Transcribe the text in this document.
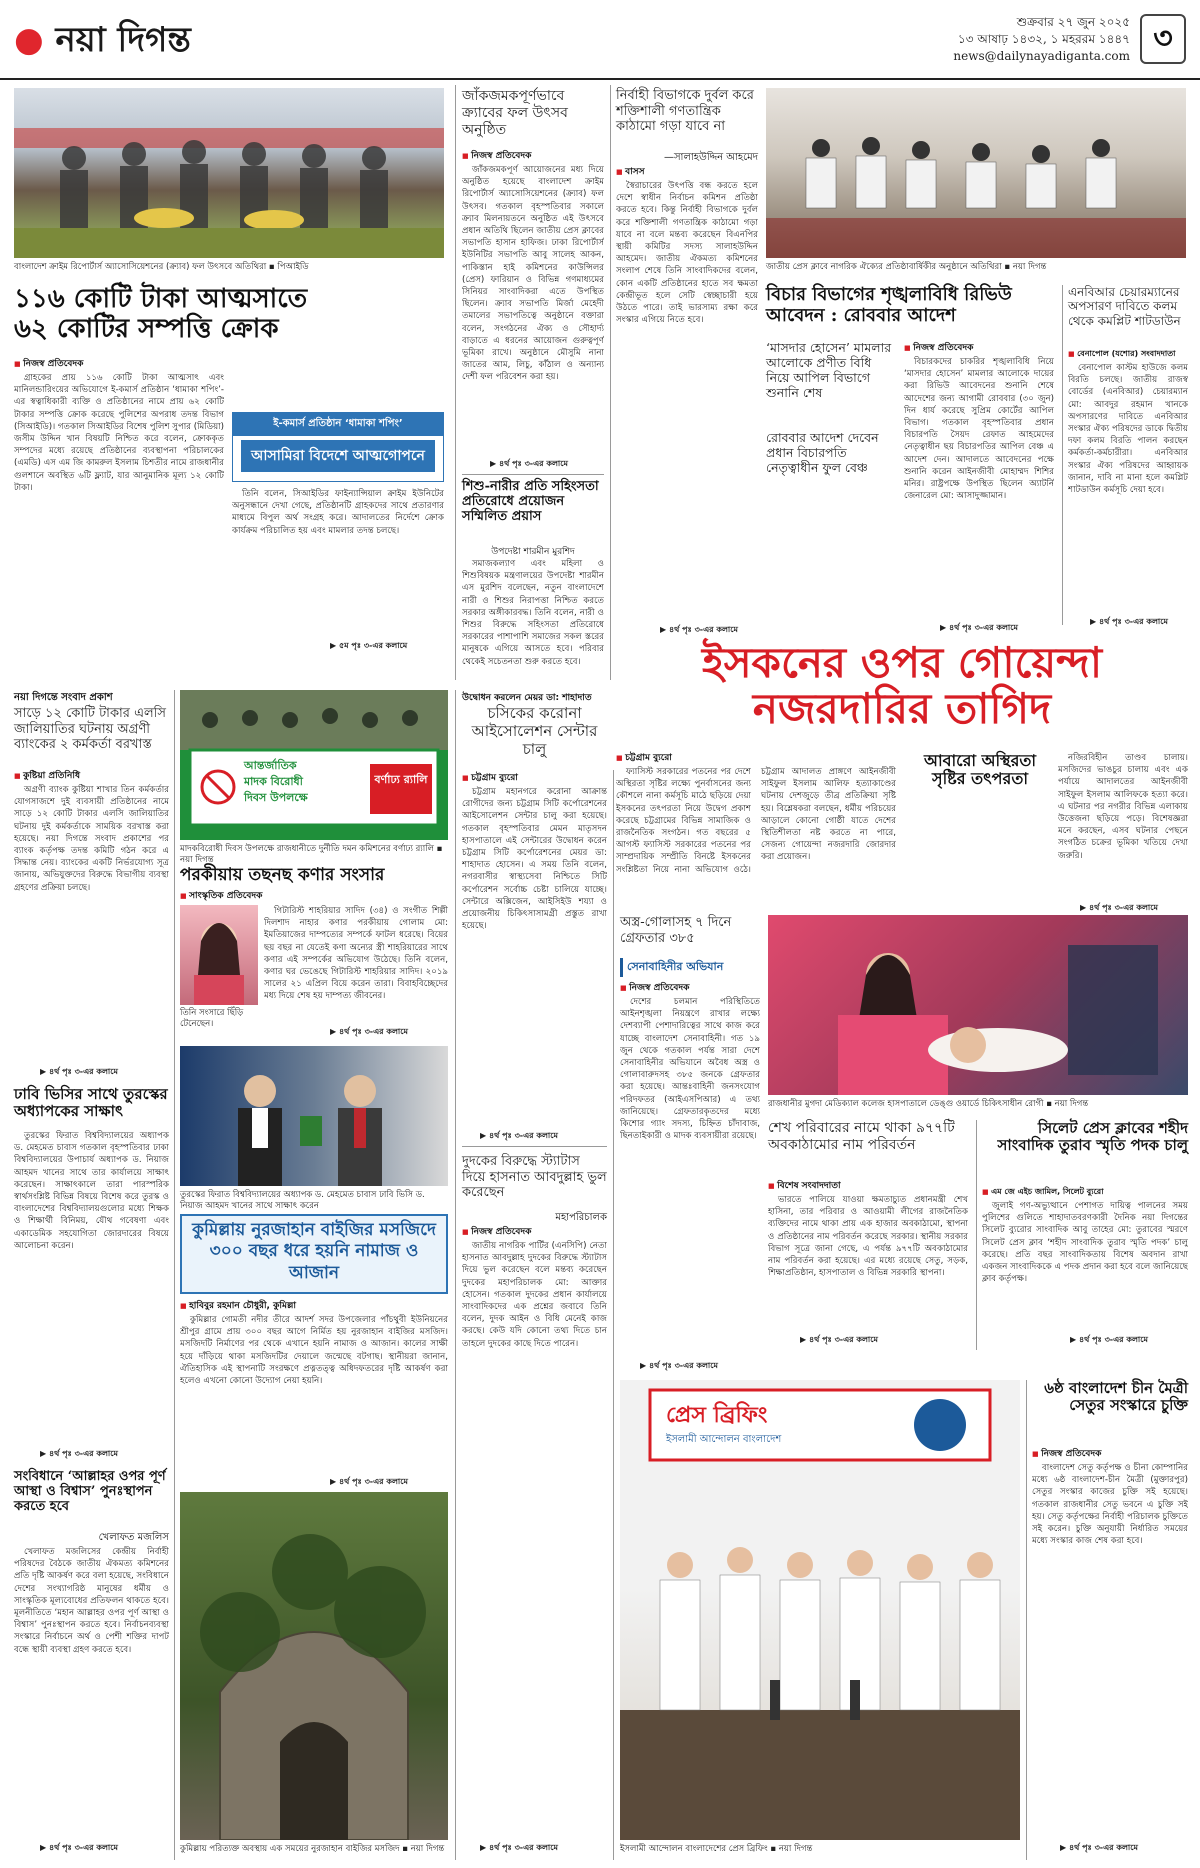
● নয়া দিগন্ত	শুক্রবার ২৭ জুন ২০২৫
১৩ আষাঢ় ১৪৩২, ১ মহররম ১৪৪৭
news@dailynayadiganta.com ৩
বাংলাদেশ ক্রাইম রিপোর্টার্স অ্যাসোসিয়েশনের (ক্র্যাব) ফল উৎসবে অতিথিরা ▪ পিআইডি
১১৬ কোটি টাকা আত্মসাতে
৬২ কোটির সম্পত্তি ক্রোক
■ নিজস্ব প্রতিবেদক

গ্রাহকের প্রায় ১১৬ কোটি টাকা আত্মসাৎ এবং মানিলন্ডারিংয়ের অভিযোগে ই-কমার্স প্রতিষ্ঠান ‘ধামাকা শপিং’-এর স্বত্বাধিকারী ব্যক্তি ও প্রতিষ্ঠানের নামে প্রায় ৬২ কোটি টাকার সম্পত্তি ক্রোক করেছে পুলিশের অপরাধ তদন্ত বিভাগ (সিআইডি)। গতকাল সিআইডির বিশেষ পুলিশ সুপার (মিডিয়া) জসীম উদ্দিন খান বিষয়টি নিশ্চিত করে বলেন, ক্রোককৃত সম্পদের মধ্যে রয়েছে প্রতিষ্ঠানের ব্যবস্থাপনা পরিচালকের (এমডি) এস এম জি কামরুল ইসলাম চিশতীর নামে রাজধানীর গুলশানে অবস্থিত ৬টি ফ্ল্যাট, যার আনুমানিক মূল্য ১২ কোটি টাকা।

ই-কমার্স প্রতিষ্ঠান ‘ধামাকা শপিং’
আসামিরা বিদেশে আত্মগোপনে

তিনি বলেন, সিআইডির ফাইন্যান্সিয়াল ক্রাইম ইউনিটের অনুসন্ধানে দেখা গেছে, প্রতিষ্ঠানটি গ্রাহকদের সাথে প্রতারণার মাধ্যমে বিপুল অর্থ সংগ্রহ করে। আদালতের নির্দেশে ক্রোক কার্যক্রম পরিচালিত হয় এবং মামলার তদন্ত চলছে।

▶ ৫ম পৃঃ ৩-এর কলামে
জাঁকজমকপূর্ণভাবে ক্র্যাবের ফল উৎসব অনুষ্ঠিত
■ নিজস্ব প্রতিবেদক

জাঁকজমকপূর্ণ আয়োজনের মধ্য দিয়ে অনুষ্ঠিত হয়েছে বাংলাদেশ ক্রাইম রিপোর্টার্স অ্যাসোসিয়েশনের (ক্র্যাব) ফল উৎসব। গতকাল বৃহস্পতিবার সকালে ক্র্যাব মিলনায়তনে অনুষ্ঠিত এই উৎসবে প্রধান অতিথি ছিলেন জাতীয় প্রেস ক্লাবের সভাপতি হাসান হাফিজ। ঢাকা রিপোর্টার্স ইউনিটির সভাপতি আবু সালেহ আকন, পাকিস্তান হাই কমিশনের কাউন্সিলর (প্রেস) ফারিয়ান ও বিভিন্ন গণমাধ্যমের সিনিয়র সাংবাদিকরা এতে উপস্থিত ছিলেন। ক্র্যাব সভাপতি মির্জা মেহেদী তমালের সভাপতিত্বে অনুষ্ঠানে বক্তারা বলেন, সংগঠনের ঐক্য ও সৌহার্দ্য বাড়াতে এ ধরনের আয়োজন গুরুত্বপূর্ণ ভূমিকা রাখে। অনুষ্ঠানে মৌসুমি নানা জাতের আম, লিচু, কাঁঠাল ও অন্যান্য দেশী ফল পরিবেশন করা হয়।

▶ ৪র্থ পৃঃ ৩-এর কলামে
শিশু-নারীর প্রতি সহিংসতা প্রতিরোধে প্রয়োজন সম্মিলিত প্রয়াস
উপদেষ্টা শারমীন মুরশিদ

সমাজকল্যাণ এবং মহিলা ও শিশুবিষয়ক মন্ত্রণালয়ের উপদেষ্টা শারমীন এস মুরশিদ বলেছেন, নতুন বাংলাদেশে নারী ও শিশুর নিরাপত্তা নিশ্চিত করতে সরকার অঙ্গীকারবদ্ধ। তিনি বলেন, নারী ও শিশুর বিরুদ্ধে সহিংসতা প্রতিরোধে সরকারের পাশাপাশি সমাজের সকল স্তরের মানুষকে এগিয়ে আসতে হবে। পরিবার থেকেই সচেতনতা শুরু করতে হবে।

নির্বাহী বিভাগকে দুর্বল করে শক্তিশালী গণতান্ত্রিক কাঠামো গড়া যাবে না
—সালাহউদ্দিন আহমেদ
■ বাসস

স্বৈরাচারের উৎপত্তি বন্ধ করতে হলে দেশে স্বাধীন নির্বাচন কমিশন প্রতিষ্ঠা করতে হবে। কিন্তু নির্বাহী বিভাগকে দুর্বল করে শক্তিশালী গণতান্ত্রিক কাঠামো গড়া যাবে না বলে মন্তব্য করেছেন বিএনপির স্থায়ী কমিটির সদস্য সালাহউদ্দিন আহমেদ। জাতীয় ঐকমত্য কমিশনের সংলাপ শেষে তিনি সাংবাদিকদের বলেন, কোন একটি প্রতিষ্ঠানের হাতে সব ক্ষমতা কেন্দ্রীভূত হলে সেটি স্বেচ্ছাচারী হয়ে উঠতে পারে। তাই ভারসাম্য রক্ষা করে সংস্কার এগিয়ে নিতে হবে।

▶ ৪র্থ পৃঃ ৩-এর কলামে
জাতীয় প্রেস ক্লাবে নাগরিক ঐক্যের প্রতিষ্ঠাবার্ষিকীর অনুষ্ঠানে অতিথিরা ▪ নয়া দিগন্ত
বিচার বিভাগের শৃঙ্খলাবিধি রিভিউ আবেদন : রোববার আদেশ
‘মাসদার হোসেন’ মামলার আলোকে প্রণীত বিধি নিয়ে আপিল বিভাগে শুনানি শেষ
রোববার আদেশ দেবেন প্রধান বিচারপতি নেতৃত্বাধীন ফুল বেঞ্চ
■ নিজস্ব প্রতিবেদক

বিচারকদের চাকরির শৃঙ্খলাবিধি নিয়ে ‘মাসদার হোসেন’ মামলার আলোকে দায়ের করা রিভিউ আবেদনের শুনানি শেষে আদেশের জন্য আগামী রোববার (৩০ জুন) দিন ধার্য করেছে সুপ্রিম কোর্টের আপিল বিভাগ। গতকাল বৃহস্পতিবার প্রধান বিচারপতি সৈয়দ রেফাত আহমেদের নেতৃত্বাধীন ছয় বিচারপতির আপিল বেঞ্চ এ আদেশ দেন। আদালতে আবেদনের পক্ষে শুনানি করেন আইনজীবী মোহাম্মদ শিশির মনির। রাষ্ট্রপক্ষে উপস্থিত ছিলেন অ্যাটর্নি জেনারেল মো: আসাদুজ্জামান।

▶ ৪র্থ পৃঃ ৩-এর কলামে
এনবিআর চেয়ারম্যানের অপসারণ দাবিতে কলম থেকে কমপ্লিট শাটডাউন
■ বেনাপোল (যশোর) সংবাদদাতা

বেনাপোল কাস্টম হাউজে কলম বিরতি চলছে। জাতীয় রাজস্ব বোর্ডের (এনবিআর) চেয়ারম্যান মো: আবদুর রহমান খানকে অপসারণের দাবিতে এনবিআর সংস্কার ঐক্য পরিষদের ডাকে দ্বিতীয় দফা কলম বিরতি পালন করছেন কর্মকর্তা-কর্মচারীরা। এনবিআর সংস্কার ঐক্য পরিষদের আহ্বায়ক জানান, দাবি না মানা হলে কমপ্লিট শাটডাউন কর্মসূচি দেয়া হবে।

▶ ৪র্থ পৃঃ ৩-এর কলামে
ইসকনের ওপর গোয়েন্দা
নজরদারির তাগিদ
■ চট্টগ্রাম ব্যুরো

ফ্যাসিস্ট সরকারের পতনের পর দেশে অস্থিরতা সৃষ্টির লক্ষ্যে পুনর্বাসনের জন্য কৌশলে নানা কর্মসূচি মাঠে ছড়িয়ে দেয়া ইসকনের তৎপরতা নিয়ে উদ্বেগ প্রকাশ করেছে চট্টগ্রামের বিভিন্ন সামাজিক ও রাজনৈতিক সংগঠন। গত বছরের ৫ আগস্ট ফ্যাসিস্ট সরকারের পতনের পর সাম্প্রদায়িক সম্প্রীতি বিনষ্টে ইসকনের সংশ্লিষ্টতা নিয়ে নানা অভিযোগ ওঠে। চট্টগ্রাম আদালত প্রাঙ্গণে আইনজীবী সাইফুল ইসলাম আলিফ হত্যাকাণ্ডের ঘটনায় দেশজুড়ে তীব্র প্রতিক্রিয়া সৃষ্টি হয়। বিশ্লেষকরা বলছেন, ধর্মীয় পরিচয়ের আড়ালে কোনো গোষ্ঠী যাতে দেশের স্থিতিশীলতা নষ্ট করতে না পারে, সেজন্য গোয়েন্দা নজরদারি জোরদার করা প্রয়োজন।

আবারো অস্থিরতা সৃষ্টির তৎপরতা

নজিরবিহীন তাণ্ডব চালায়। মসজিদের ভাঙচুর চালায় এবং এক পর্যায়ে আদালতের আইনজীবী সাইফুল ইসলাম আলিফকে হত্যা করে। এ ঘটনার পর নগরীর বিভিন্ন এলাকায় উত্তেজনা ছড়িয়ে পড়ে। বিশেষজ্ঞরা মনে করছেন, এসব ঘটনার পেছনে সংগঠিত চক্রের ভূমিকা খতিয়ে দেখা জরুরি।

▶ ৪র্থ পৃঃ ৩-এর কলামে
নয়া দিগন্তে সংবাদ প্রকাশ
সাড়ে ১২ কোটি টাকার এলসি জালিয়াতির ঘটনায় অগ্রণী ব্যাংকের ২ কর্মকর্তা বরখাস্ত
■ কুষ্টিয়া প্রতিনিধি

অগ্রণী ব্যাংক কুষ্টিয়া শাখার তিন কর্মকর্তার যোগসাজশে দুই ব্যবসায়ী প্রতিষ্ঠানের নামে সাড়ে ১২ কোটি টাকার এলসি জালিয়াতির ঘটনায় দুই কর্মকর্তাকে সাময়িক বরখাস্ত করা হয়েছে। নয়া দিগন্তে সংবাদ প্রকাশের পর ব্যাংক কর্তৃপক্ষ তদন্ত কমিটি গঠন করে এ সিদ্ধান্ত নেয়। ব্যাংকের একটি নির্ভরযোগ্য সূত্র জানায়, অভিযুক্তদের বিরুদ্ধে বিভাগীয় ব্যবস্থা গ্রহণের প্রক্রিয়া চলছে।

▶ ৪র্থ পৃঃ ৩-এর কলামে
আন্তর্জাতিক
মাদক বিরোধী
দিবস উপলক্ষে
বর্ণাঢ্য র‌্যালি
মাদকবিরোধী দিবস উপলক্ষে রাজধানীতে দুর্নীতি দমন কমিশনের বর্ণাঢ্য র‌্যালি ▪ নয়া দিগন্ত
পরকীয়ায় তছনছ কণার সংসার
■ সাংস্কৃতিক প্রতিবেদক
তিনি সংসারে ছিঁড়ি টেনেছেন।

গিটারিস্ট শাহরিয়ার সাদিদ (৩৪) ও সংগীত শিল্পী দিলশাদ নাহার কণার পরকীয়ায় গোলাম মো: ইমতিয়াজের দাম্পত্যের সম্পর্কে ফাটল ধরেছে। বিয়ের ছয় বছর না যেতেই কণা অন্যের স্ত্রী শাহরিয়ারের সাথে কণার এই সম্পর্কের অভিযোগ উঠেছে। তিনি বলেন, কণার ঘর ভেঙেছে গিটারিস্ট শাহরিয়ার সাদিদ। ২০১৯ সালের ২১ এপ্রিল বিয়ে করেন তারা। বিবাহবিচ্ছেদের মধ্য দিয়ে শেষ হয় দাম্পত্য জীবনের।

▶ ৪র্থ পৃঃ ৩-এর কলামে
ঢাবি ভিসির সাথে তুরস্কের অধ্যাপকের সাক্ষাৎ

তুরস্কের ফিরাত বিশ্ববিদ্যালয়ের অধ্যাপক ড. মেহমেত চাবাস গতকাল বৃহস্পতিবার ঢাকা বিশ্ববিদ্যালয়ের উপাচার্য অধ্যাপক ড. নিয়াজ আহমদ খানের সাথে তার কার্যালয়ে সাক্ষাৎ করেছেন। সাক্ষাৎকালে তারা পারস্পরিক স্বার্থসংশ্লিষ্ট বিভিন্ন বিষয়ে বিশেষ করে তুরস্ক ও বাংলাদেশের বিশ্ববিদ্যালয়গুলোর মধ্যে শিক্ষক ও শিক্ষার্থী বিনিময়, যৌথ গবেষণা এবং একাডেমিক সহযোগিতা জোরদারের বিষয়ে আলোচনা করেন।

▶ ৪র্থ পৃঃ ৩-এর কলামে
তুরস্কের ফিরাত বিশ্ববিদ্যালয়ের অধ্যাপক ড. মেহমেত চাবাস ঢাবি ভিসি ড. নিয়াজ আহমদ খানের সাথে সাক্ষাৎ করেন
সংবিধানে ‘আল্লাহর ওপর পূর্ণ আস্থা ও বিশ্বাস’ পুনঃস্থাপন করতে হবে
খেলাফত মজলিস

খেলাফত মজলিসের কেন্দ্রীয় নির্বাহী পরিষদের বৈঠকে জাতীয় ঐকমত্য কমিশনের প্রতি দৃষ্টি আকর্ষণ করে বলা হয়েছে, সংবিধানে দেশের সংখ্যাগরিষ্ঠ মানুষের ধর্মীয় ও সাংস্কৃতিক মূল্যবোধের প্রতিফলন থাকতে হবে। মূলনীতিতে ‘মহান আল্লাহর ওপর পূর্ণ আস্থা ও বিশ্বাস’ পুনঃস্থাপন করতে হবে। নির্বাচনব্যবস্থা সংস্কারে নির্বাচনে অর্থ ও পেশী শক্তির দাপট বন্ধে স্থায়ী ব্যবস্থা গ্রহণ করতে হবে।

▶ ৪র্থ পৃঃ ৩-এর কলামে
কুমিল্লায় নুরজাহান বাইজির মসজিদে ৩০০ বছর ধরে হয়নি নামাজ ও আজান
■ হাবিবুর রহমান চৌধুরী, কুমিল্লা

কুমিল্লার গোমতী নদীর তীরে আদর্শ সদর উপজেলার পাঁচথুবী ইউনিয়নের শ্রীপুর গ্রামে প্রায় ৩০০ বছর আগে নির্মিত হয় নুরজাহান বাইজির মসজিদ। মসজিদটি নির্মাণের পর থেকে এখানে হয়নি নামাজ ও আজান। কালের সাক্ষী হয়ে দাঁড়িয়ে থাকা মসজিদটির দেয়ালে জন্মেছে বটগাছ। স্থানীয়রা জানান, ঐতিহাসিক এই স্থাপনাটি সংরক্ষণে প্রত্নতত্ত্ব অধিদফতরের দৃষ্টি আকর্ষণ করা হলেও এখনো কোনো উদ্যোগ নেয়া হয়নি।

▶ ৪র্থ পৃঃ ৩-এর কলামে
কুমিল্লায় পরিত্যক্ত অবস্থায় এক সময়ের নুরজাহান বাইজির মসজিদ ▪ নয়া দিগন্ত
উদ্বোধন করলেন মেয়র ডা: শাহাদাত
চসিকের করোনা আইসোলেশন সেন্টার চালু
■ চট্টগ্রাম ব্যুরো

চট্টগ্রাম মহানগরে করোনা আক্রান্ত রোগীদের জন্য চট্টগ্রাম সিটি কর্পোরেশনের আইসোলেশন সেন্টার চালু করা হয়েছে। গতকাল বৃহস্পতিবার মেমন মাতৃসদন হাসপাতালে এই সেন্টারের উদ্বোধন করেন চট্টগ্রাম সিটি কর্পোরেশনের মেয়র ডা: শাহাদাত হোসেন। এ সময় তিনি বলেন, নগরবাসীর স্বাস্থ্যসেবা নিশ্চিতে সিটি কর্পোরেশন সর্বোচ্চ চেষ্টা চালিয়ে যাচ্ছে। সেন্টারে অক্সিজেন, আইসিইউ শয্যা ও প্রয়োজনীয় চিকিৎসাসামগ্রী প্রস্তুত রাখা হয়েছে।

▶ ৪র্থ পৃঃ ৩-এর কলামে
দুদকের বিরুদ্ধে স্ট্যাটাস দিয়ে হাসনাত আবদুল্লাহ ভুল করেছেন
মহাপরিচালক
■ নিজস্ব প্রতিবেদক

জাতীয় নাগরিক পার্টির (এনসিপি) নেতা হাসনাত আবদুল্লাহ দুদকের বিরুদ্ধে স্ট্যাটাস দিয়ে ভুল করেছেন বলে মন্তব্য করেছেন দুদকের মহাপরিচালক মো: আক্তার হোসেন। গতকাল দুদকের প্রধান কার্যালয়ে সাংবাদিকদের এক প্রশ্নের জবাবে তিনি বলেন, দুদক আইন ও বিধি মেনেই কাজ করছে। কেউ যদি কোনো তথ্য দিতে চান তাহলে দুদকের কাছে দিতে পারেন।

▶ ৪র্থ পৃঃ ৩-এর কলামে
অস্ত্র-গোলাসহ ৭ দিনে গ্রেফতার ৩৮৫
সেনাবাহিনীর অভিযান
■ নিজস্ব প্রতিবেদক

দেশের চলমান পরিস্থিতিতে আইনশৃঙ্খলা নিয়ন্ত্রণে রাখার লক্ষ্যে দেশব্যাপী পেশাদারিত্বের সাথে কাজ করে যাচ্ছে বাংলাদেশ সেনাবাহিনী। গত ১৯ জুন থেকে গতকাল পর্যন্ত সারা দেশে সেনাবাহিনীর অভিযানে অবৈধ অস্ত্র ও গোলাবারুদসহ ৩৮৫ জনকে গ্রেফতার করা হয়েছে। আন্তঃবাহিনী জনসংযোগ পরিদফতর (আইএসপিআর) এ তথ্য জানিয়েছে। গ্রেফতারকৃতদের মধ্যে কিশোর গ্যাং সদস্য, চিহ্নিত চাঁদাবাজ, ছিনতাইকারী ও মাদক ব্যবসায়ীরা রয়েছে।

▶ ৪র্থ পৃঃ ৩-এর কলামে
রাজধানীর মুগদা মেডিক্যাল কলেজ হাসপাতালে ডেঙ্গু ওয়ার্ডে চিকিৎসাধীন রোগী ▪ নয়া দিগন্ত
শেখ পরিবারের নামে থাকা ৯৭৭টি অবকাঠামোর নাম পরিবর্তন
■ বিশেষ সংবাদদাতা

ভারতে পালিয়ে যাওয়া ক্ষমতাচ্যুত প্রধানমন্ত্রী শেখ হাসিনা, তার পরিবার ও আওয়ামী লীগের রাজনৈতিক ব্যক্তিদের নামে থাকা প্রায় এক হাজার অবকাঠামো, স্থাপনা ও প্রতিষ্ঠানের নাম পরিবর্তন করেছে সরকার। স্থানীয় সরকার বিভাগ সূত্রে জানা গেছে, এ পর্যন্ত ৯৭৭টি অবকাঠামোর নাম পরিবর্তন করা হয়েছে। এর মধ্যে রয়েছে সেতু, সড়ক, শিক্ষাপ্রতিষ্ঠান, হাসপাতাল ও বিভিন্ন সরকারি স্থাপনা।

▶ ৪র্থ পৃঃ ৩-এর কলামে
সিলেট প্রেস ক্লাবের শহীদ সাংবাদিক তুরাব স্মৃতি পদক চালু
■ এম জে এইচ জামিল, সিলেট ব্যুরো

জুলাই গণ-অভ্যুত্থানে পেশাগত দায়িত্ব পালনের সময় পুলিশের গুলিতে শাহাদাতবরণকারী দৈনিক নয়া দিগন্তের সিলেট ব্যুরোর সাংবাদিক আবু তাহের মো: তুরাবের স্মরণে সিলেট প্রেস ক্লাব ‘শহীদ সাংবাদিক তুরাব স্মৃতি পদক’ চালু করেছে। প্রতি বছর সাংবাদিকতায় বিশেষ অবদান রাখা একজন সাংবাদিককে এ পদক প্রদান করা হবে বলে জানিয়েছে ক্লাব কর্তৃপক্ষ।

▶ ৪র্থ পৃঃ ৩-এর কলামে
প্রেস ব্রিফিং
ইসলামী আন্দোলন বাংলাদেশ
ইসলামী আন্দোলন বাংলাদেশের প্রেস ব্রিফিং ▪ নয়া দিগন্ত
৬ষ্ঠ বাংলাদেশ চীন মৈত্রী সেতুর সংস্কারে চুক্তি
■ নিজস্ব প্রতিবেদক

বাংলাদেশ সেতু কর্তৃপক্ষ ও চীনা কোম্পানির মধ্যে ৬ষ্ঠ বাংলাদেশ-চীন মৈত্রী (মুক্তারপুর) সেতুর সংস্কার কাজের চুক্তি সই হয়েছে। গতকাল রাজধানীর সেতু ভবনে এ চুক্তি সই হয়। সেতু কর্তৃপক্ষের নির্বাহী পরিচালক চুক্তিতে সই করেন। চুক্তি অনুযায়ী নির্ধারিত সময়ের মধ্যে সংস্কার কাজ শেষ করা হবে।

▶ ৪র্থ পৃঃ ৩-এর কলামে
